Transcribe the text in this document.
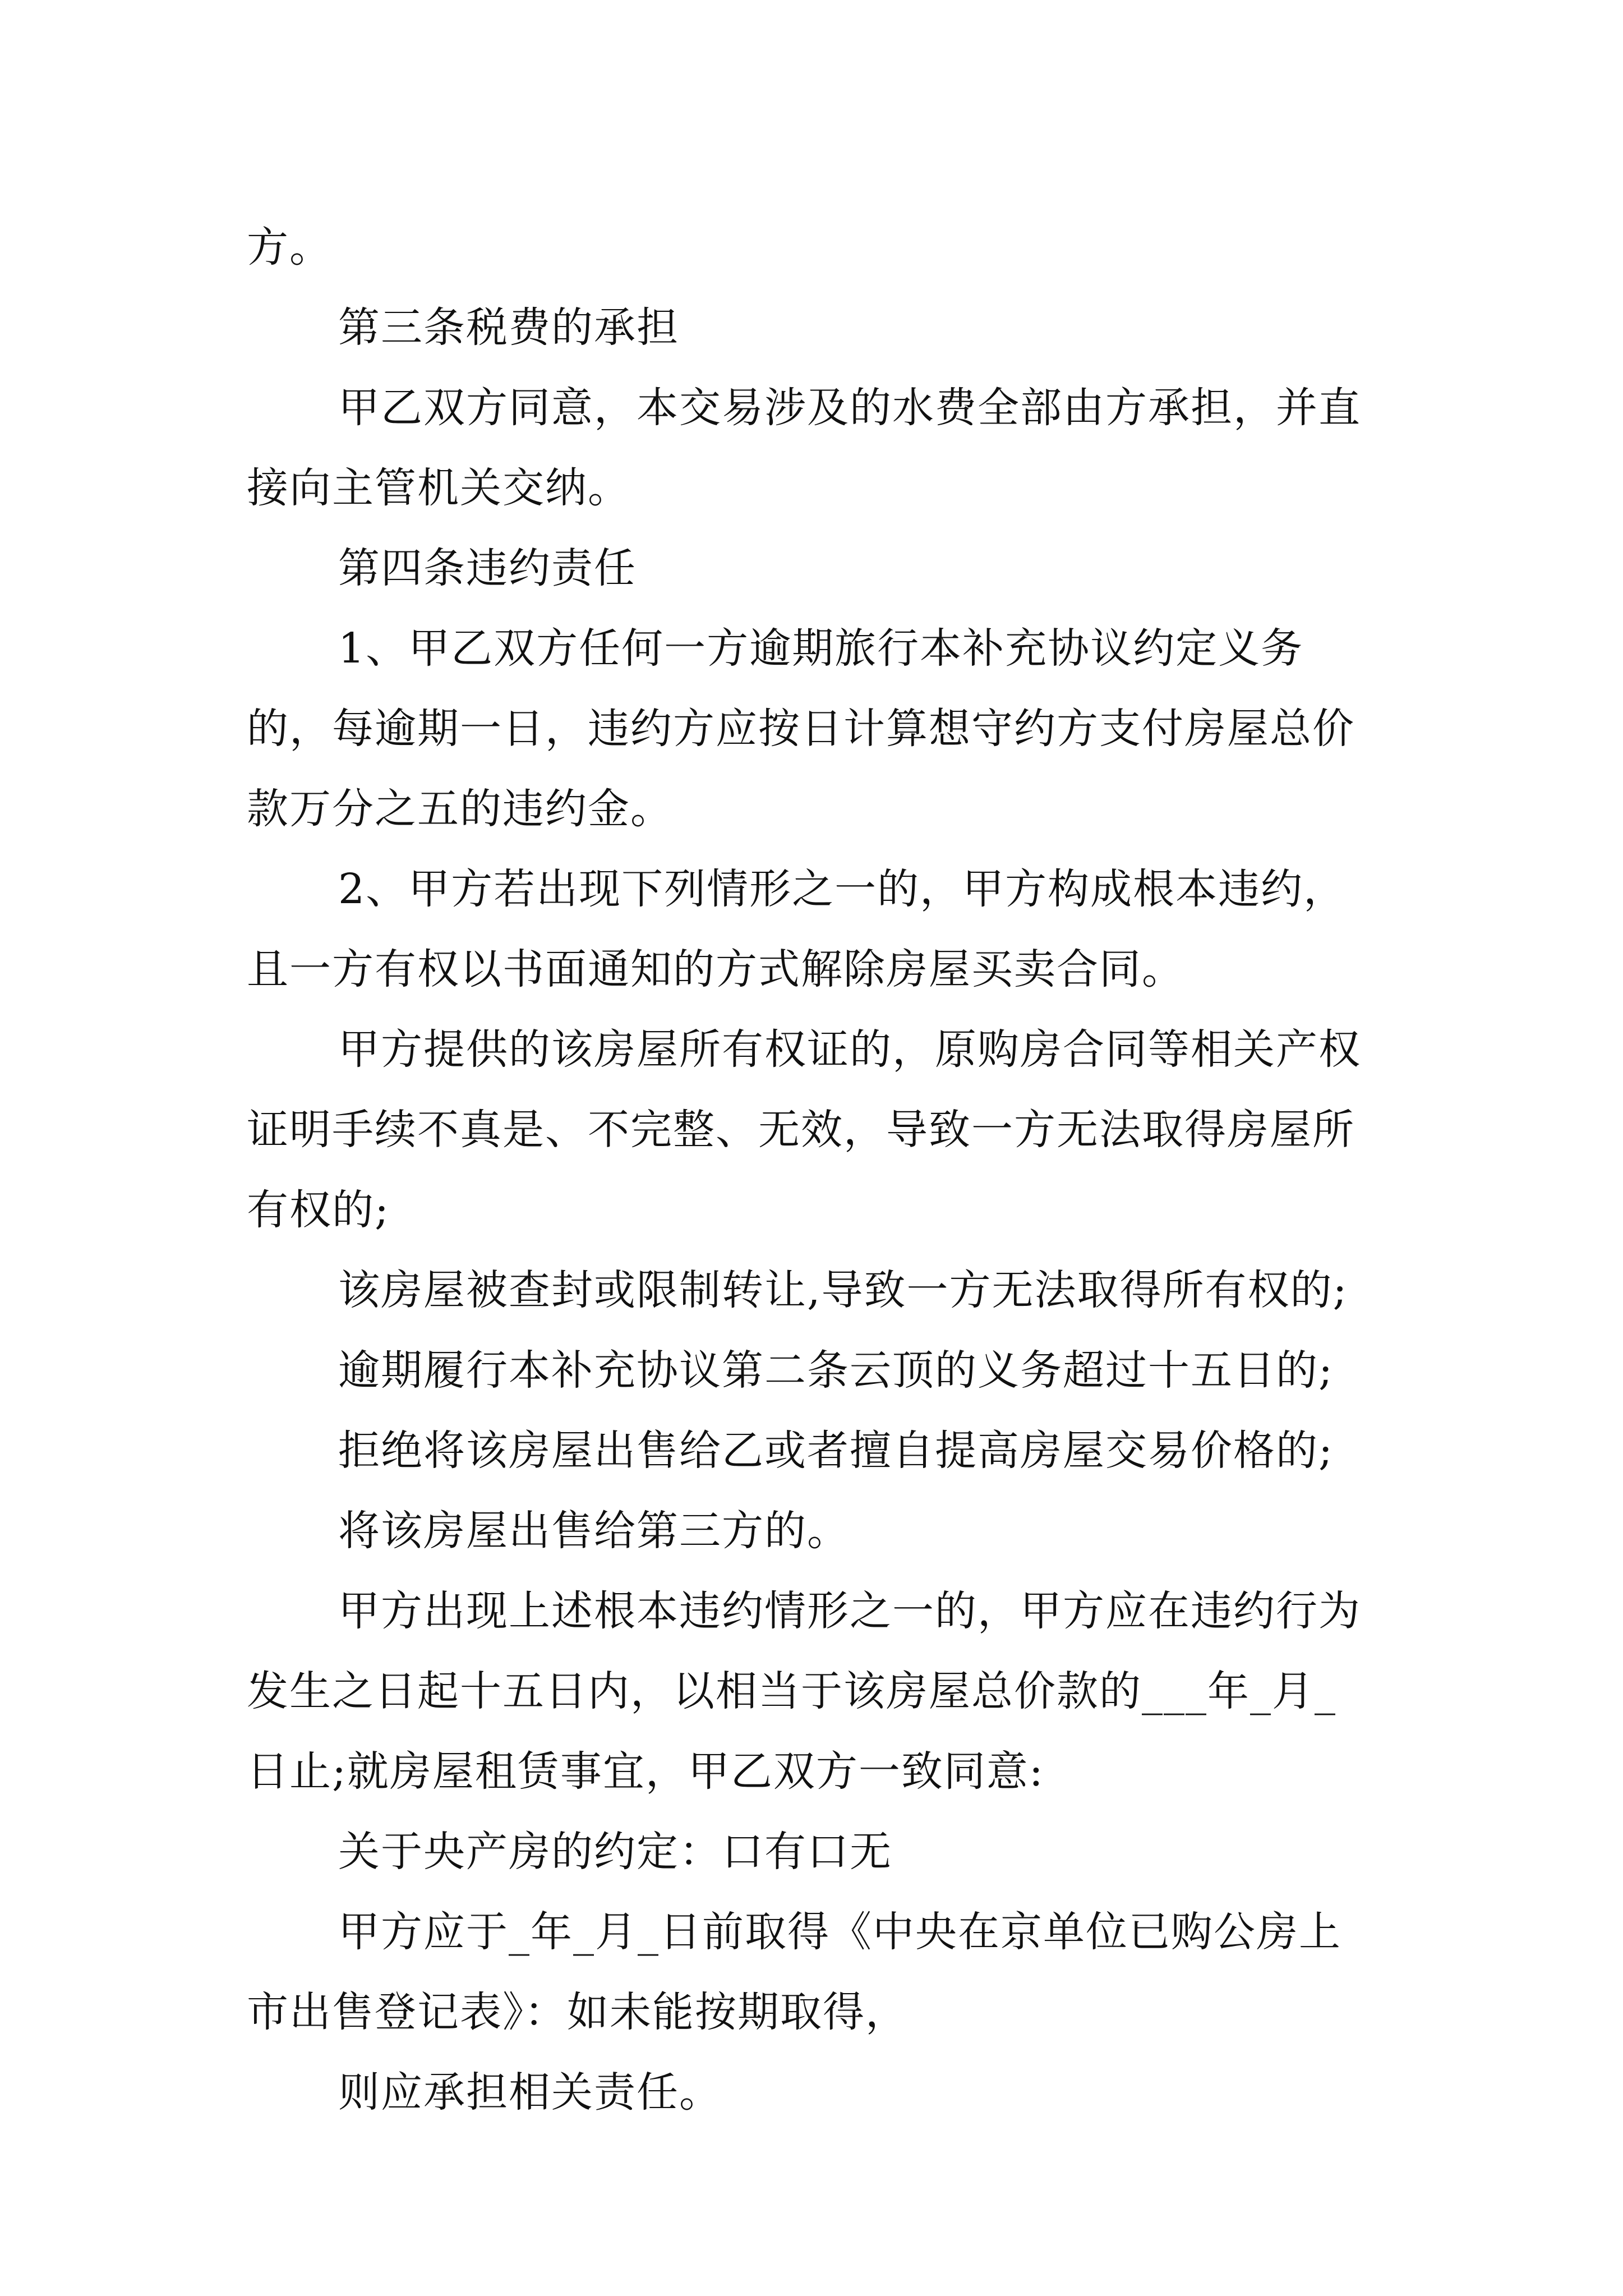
方。

第三条税费的承担

甲乙双方同意，本交易涉及的水费全部由方承担，并直接向主管机关交纳。

第四条违约责任

1、甲乙双方任何一方逾期旅行本补充协议约定义务的，每逾期一日，违约方应按日计算想守约方支付房屋总价款万分之五的违约金。

2、甲方若出现下列情形之一的，甲方构成根本违约，且一方有权以书面通知的方式解除房屋买卖合同。

甲方提供的该房屋所有权证的，原购房合同等相关产权证明手续不真是、不完整、无效，导致一方无法取得房屋所有权的;

该房屋被查封或限制转让,导致一方无法取得所有权的;

逾期履行本补充协议第二条云顶的义务超过十五日的;

拒绝将该房屋出售给乙或者擅自提高房屋交易价格的;

将该房屋出售给第三方的。

甲方出现上述根本违约情形之一的，甲方应在违约行为发生之日起十五日内，以相当于该房屋总价款的___年_月_日止;就房屋租赁事宜，甲乙双方一致同意:

关于央产房的约定：口有口无

甲方应于_年_月_日前取得《中央在京单位已购公房上市出售登记表》：如未能按期取得，

则应承担相关责任。
